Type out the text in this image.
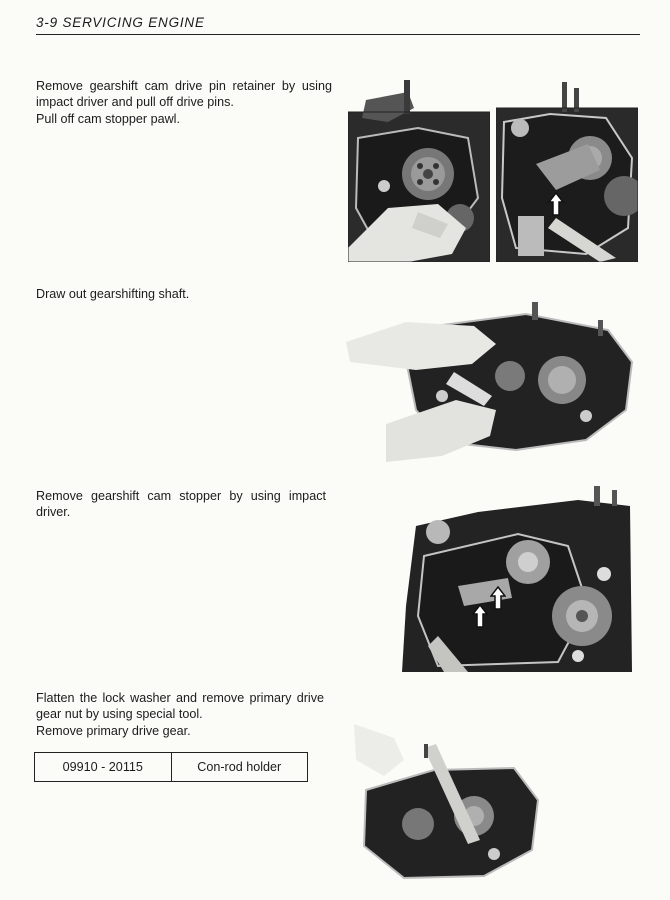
3-9 SERVICING ENGINE

Remove gearshift cam drive pin retainer by using impact driver and pull off drive pins.

Pull off cam stopper pawl.

Draw out gearshifting shaft.

Remove gearshift cam stopper by using impact driver.

Flatten the lock washer and remove primary drive gear nut by using special tool.

Remove primary drive gear.

09910 - 20115	Con-rod holder
